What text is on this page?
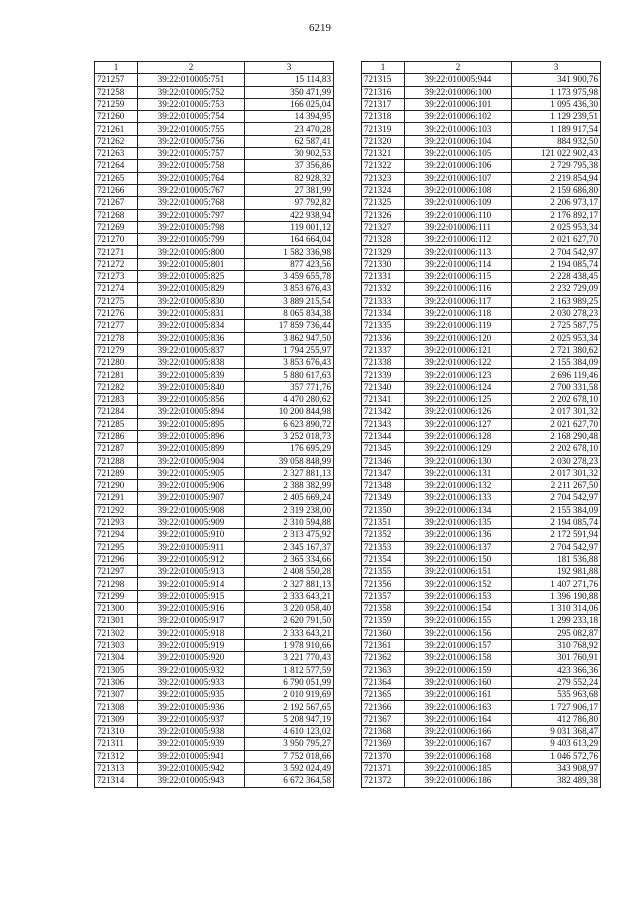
6219
1	2	3
721257	39:22:010005:751	15 114,83
721258	39:22:010005:752	350 471,99
721259	39:22:010005:753	166 025,04
721260	39:22:010005:754	14 394,95
721261	39:22:010005:755	23 470,28
721262	39:22:010005:756	62 587,41
721263	39:22:010005:757	30 902,53
721264	39:22:010005:758	37 356,86
721265	39:22:010005:764	82 928,32
721266	39:22:010005:767	27 381,99
721267	39:22:010005:768	97 792,82
721268	39:22:010005:797	422 938,94
721269	39:22:010005:798	119 001,12
721270	39:22:010005:799	164 664,04
721271	39:22:010005:800	1 582 336,98
721272	39:22:010005:801	877 423,56
721273	39:22:010005:825	3 459 655,78
721274	39:22:010005:829	3 853 676,43
721275	39:22:010005:830	3 889 215,54
721276	39:22:010005:831	8 065 834,38
721277	39:22:010005:834	17 859 736,44
721278	39:22:010005:836	3 862 947,50
721279	39:22:010005:837	1 794 255,97
721280	39:22:010005:838	3 853 676,43
721281	39:22:010005:839	5 880 617,63
721282	39:22:010005:840	357 771,76
721283	39:22:010005:856	4 470 280,62
721284	39:22:010005:894	10 200 844,98
721285	39:22:010005:895	6 623 890,72
721286	39:22:010005:896	3 252 018,73
721287	39:22:010005:899	176 695,29
721288	39:22:010005:904	39 058 848,99
721289	39:22:010005:905	2 327 881,13
721290	39:22:010005:906	2 388 382,99
721291	39:22:010005:907	2 405 669,24
721292	39:22:010005:908	2 319 238,00
721293	39:22:010005:909	2 310 594,88
721294	39:22:010005:910	2 313 475,92
721295	39:22:010005:911	2 345 167,37
721296	39:22:010005:912	2 365 334,66
721297	39:22:010005:913	2 408 550,28
721298	39:22:010005:914	2 327 881,13
721299	39:22:010005:915	2 333 643,21
721300	39:22:010005:916	3 220 058,40
721301	39:22:010005:917	2 620 791,50
721302	39:22:010005:918	2 333 643,21
721303	39:22:010005:919	1 978 910,66
721304	39:22:010005:920	3 221 770,43
721305	39:22:010005:932	1 812 577,59
721306	39:22:010005:933	6 790 051,99
721307	39:22:010005:935	2 010 919,69
721308	39:22:010005:936	2 192 567,65
721309	39:22:010005:937	5 208 947,19
721310	39:22:010005:938	4 610 123,02
721311	39:22:010005:939	3 950 795,27
721312	39:22:010005:941	7 752 018,66
721313	39:22:010005:942	3 592 024,49
721314	39:22:010005:943	6 672 364,58
1	2	3
721315	39:22:010005:944	341 900,76
721316	39:22:010006:100	1 173 975,98
721317	39:22:010006:101	1 095 436,30
721318	39:22:010006:102	1 129 239,51
721319	39:22:010006:103	1 189 917,54
721320	39:22:010006:104	884 932,50
721321	39:22:010006:105	121 022 902,43
721322	39:22:010006:106	2 729 795,38
721323	39:22:010006:107	2 219 854,94
721324	39:22:010006:108	2 159 686,80
721325	39:22:010006:109	2 206 973,17
721326	39:22:010006:110	2 176 892,17
721327	39:22:010006:111	2 025 953,34
721328	39:22:010006:112	2 021 627,70
721329	39:22:010006:113	2 704 542,97
721330	39:22:010006:114	2 194 085,74
721331	39:22:010006:115	2 228 438,45
721332	39:22:010006:116	2 232 729,09
721333	39:22:010006:117	2 163 989,25
721334	39:22:010006:118	2 030 278,23
721335	39:22:010006:119	2 725 587,75
721336	39:22:010006:120	2 025 953,34
721337	39:22:010006:121	2 721 380,62
721338	39:22:010006:122	2 155 384,09
721339	39:22:010006:123	2 696 119,46
721340	39:22:010006:124	2 700 331,58
721341	39:22:010006:125	2 202 678,10
721342	39:22:010006:126	2 017 301,32
721343	39:22:010006:127	2 021 627,70
721344	39:22:010006:128	2 168 290,48
721345	39:22:010006:129	2 202 678,10
721346	39:22:010006:130	2 030 278,23
721347	39:22:010006:131	2 017 301,32
721348	39:22:010006:132	2 211 267,50
721349	39:22:010006:133	2 704 542,97
721350	39:22:010006:134	2 155 384,09
721351	39:22:010006:135	2 194 085,74
721352	39:22:010006:136	2 172 591,94
721353	39:22:010006:137	2 704 542,97
721354	39:22:010006:150	181 536,88
721355	39:22:010006:151	192 981,88
721356	39:22:010006:152	1 407 271,76
721357	39:22:010006:153	1 396 190,88
721358	39:22:010006:154	1 310 314,06
721359	39:22:010006:155	1 299 233,18
721360	39:22:010006:156	295 082,87
721361	39:22:010006:157	310 768,92
721362	39:22:010006:158	301 760,91
721363	39:22:010006:159	423 366,36
721364	39:22:010006:160	279 552,24
721365	39:22:010006:161	535 963,68
721366	39:22:010006:163	1 727 906,17
721367	39:22:010006:164	412 786,80
721368	39:22:010006:166	9 031 368,47
721369	39:22:010006:167	9 403 613,29
721370	39:22:010006:168	1 046 572,76
721371	39:22:010006:185	343 908,97
721372	39:22:010006:186	382 489,38
